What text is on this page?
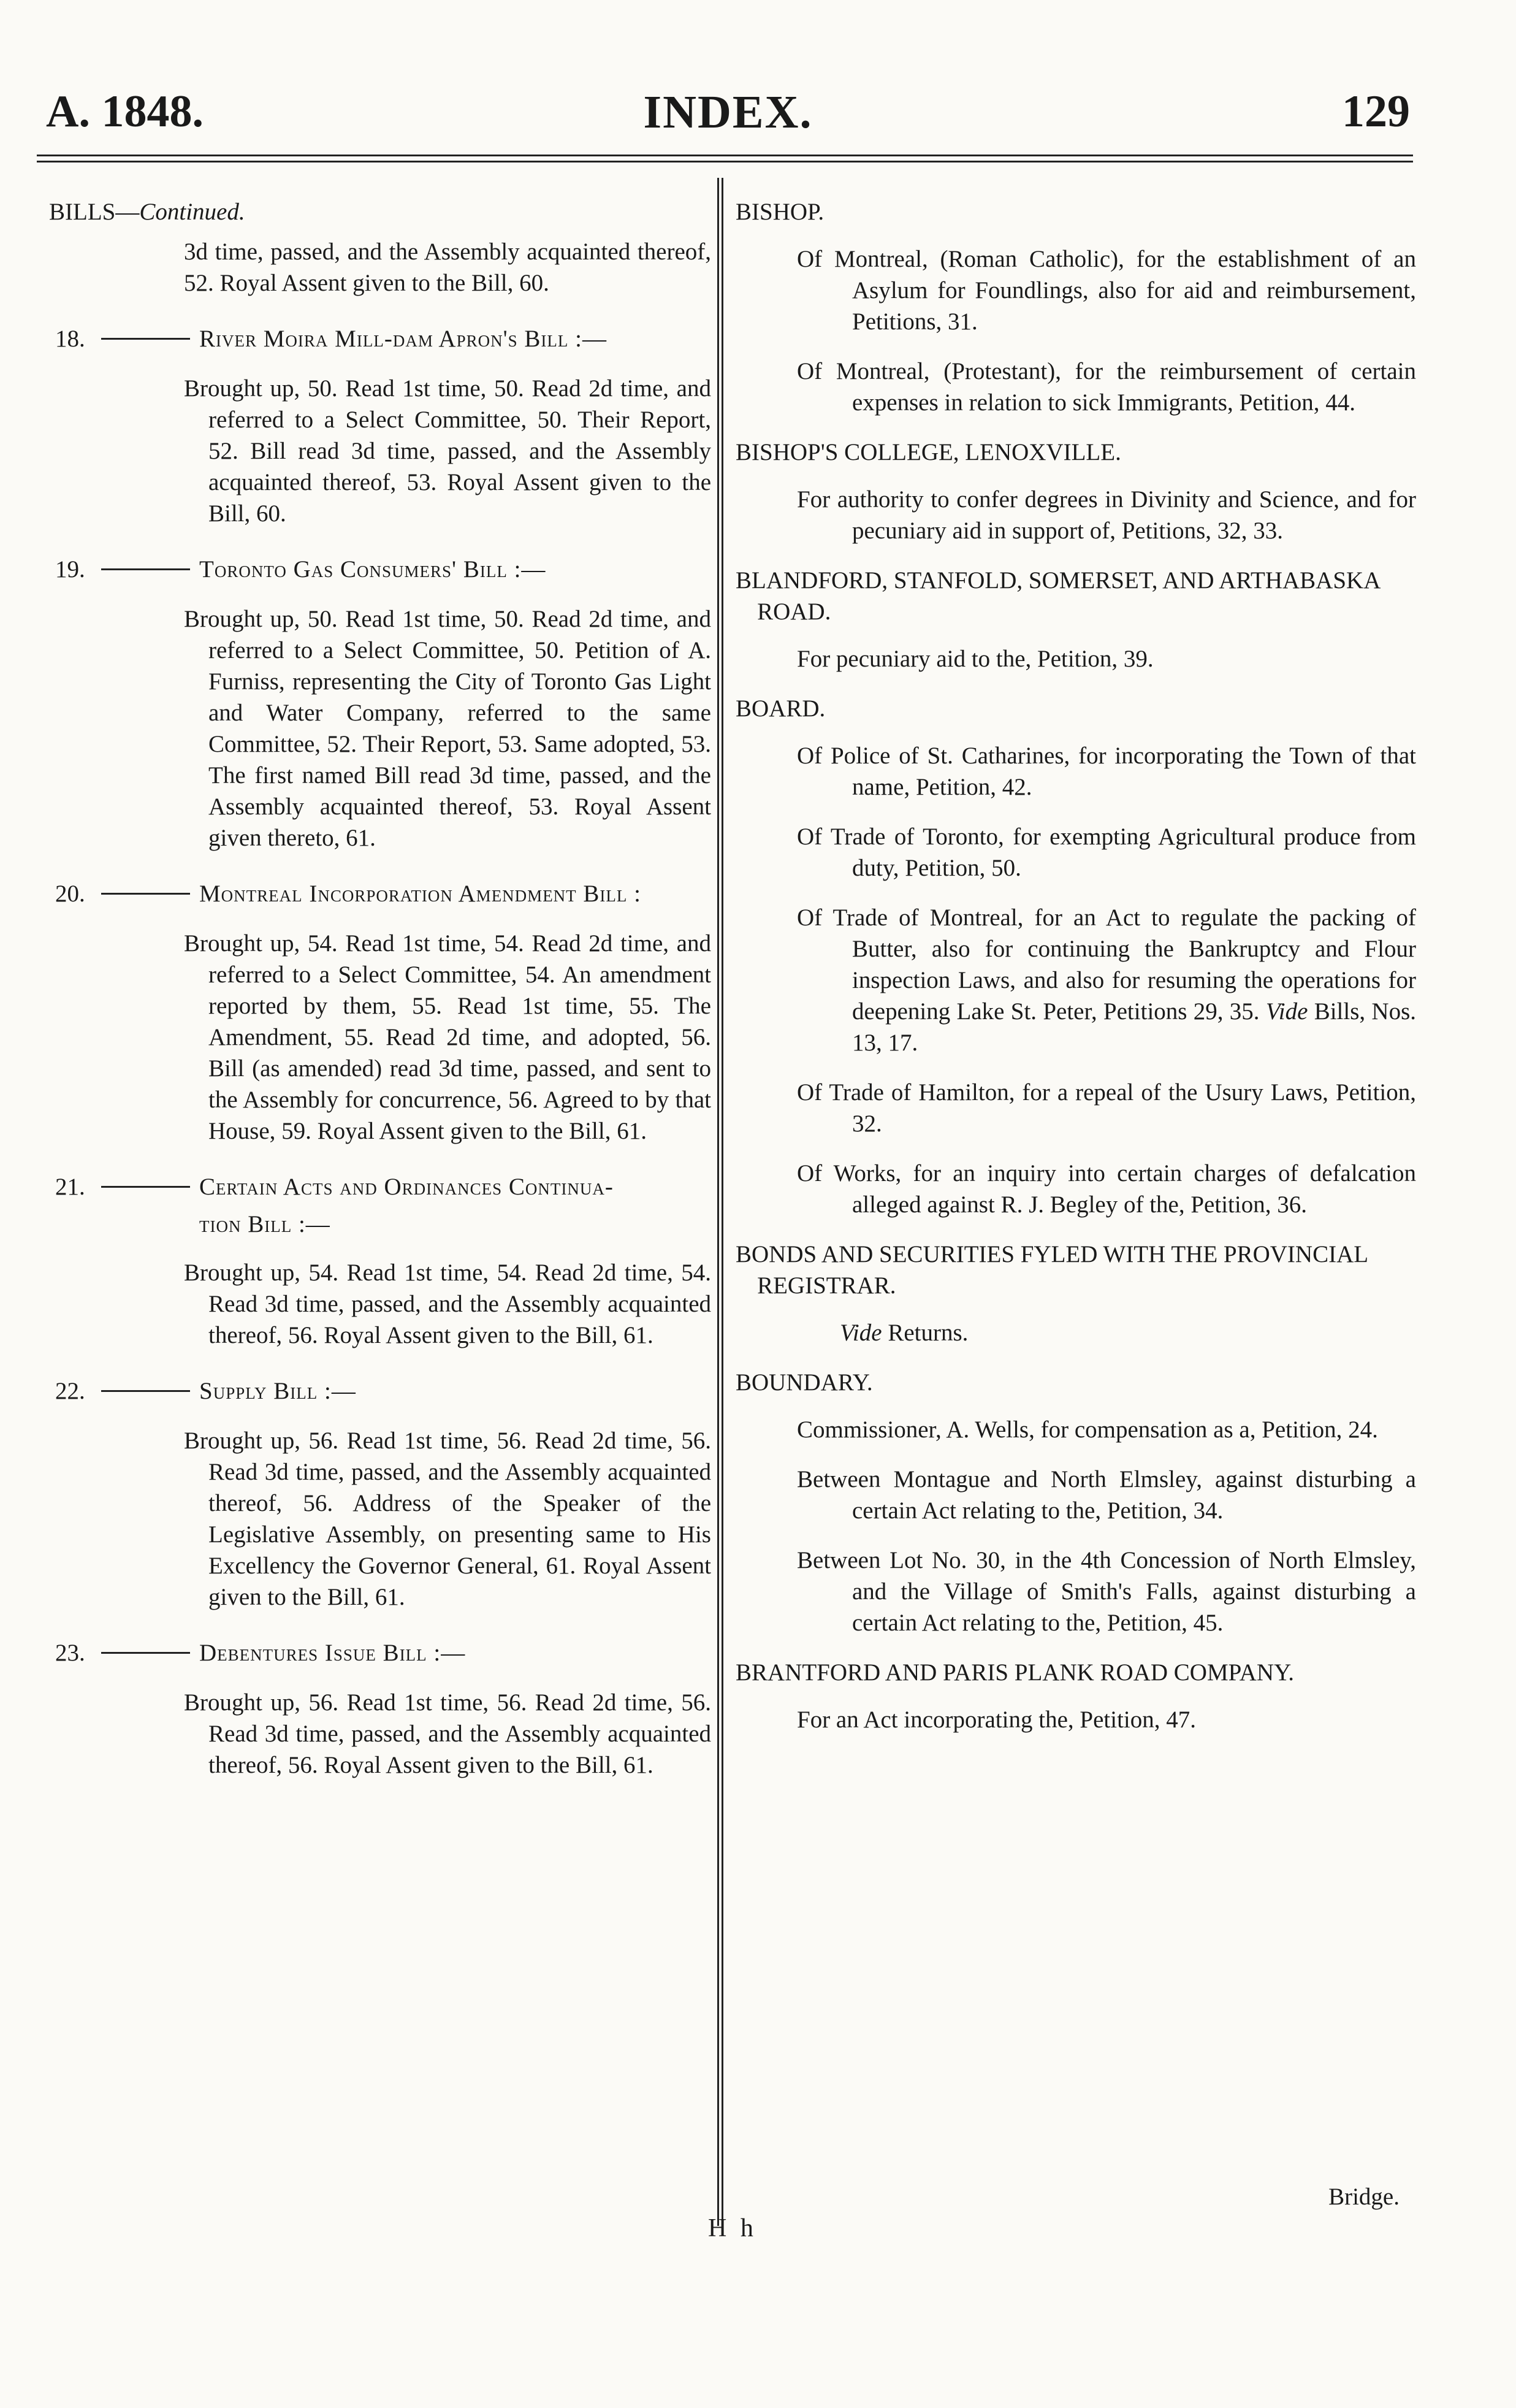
A. 1848.	INDEX.	129
BILLS—Continued.
3d time, passed, and the Assembly acquainted thereof, 52. Royal Assent given to the Bill, 60.
18.	River Moira Mill-dam Apron's Bill :—
Brought up, 50. Read 1st time, 50. Read 2d time, and referred to a Select Committee, 50. Their Report, 52. Bill read 3d time, passed, and the Assembly acquainted thereof, 53. Royal Assent given to the Bill, 60.
19.	Toronto Gas Consumers' Bill :—
Brought up, 50. Read 1st time, 50. Read 2d time, and referred to a Select Committee, 50. Petition of A. Furniss, representing the City of Toronto Gas Light and Water Company, referred to the same Committee, 52. Their Report, 53. Same adopted, 53. The first named Bill read 3d time, passed, and the Assembly acquainted thereof, 53. Royal Assent given thereto, 61.
20.	Montreal Incorporation Amendment Bill :
Brought up, 54. Read 1st time, 54. Read 2d time, and referred to a Select Committee, 54. An amendment reported by them, 55. Read 1st time, 55. The Amendment, 55. Read 2d time, and adopted, 56. Bill (as amended) read 3d time, passed, and sent to the Assembly for concurrence, 56. Agreed to by that House, 59. Royal Assent given to the Bill, 61.
21.	Certain Acts and Ordinances Continua-
tion Bill :—
Brought up, 54. Read 1st time, 54. Read 2d time, 54. Read 3d time, passed, and the Assembly acquainted thereof, 56. Royal Assent given to the Bill, 61.
22.	Supply Bill :—
Brought up, 56. Read 1st time, 56. Read 2d time, 56. Read 3d time, passed, and the Assembly acquainted thereof, 56. Address of the Speaker of the Legislative Assembly, on presenting same to His Excellency the Governor General, 61. Royal Assent given to the Bill, 61.
23.	Debentures Issue Bill :—
Brought up, 56. Read 1st time, 56. Read 2d time, 56. Read 3d time, passed, and the Assembly acquainted thereof, 56. Royal Assent given to the Bill, 61.
BISHOP.
Of Montreal, (Roman Catholic), for the establishment of an Asylum for Foundlings, also for aid and reimbursement, Petitions, 31.
Of Montreal, (Protestant), for the reimbursement of certain expenses in relation to sick Immigrants, Petition, 44.
BISHOP'S COLLEGE, LENOXVILLE.
For authority to confer degrees in Divinity and Science, and for pecuniary aid in support of, Petitions, 32, 33.
BLANDFORD, STANFOLD, SOMERSET, AND ARTHABASKA ROAD.
For pecuniary aid to the, Petition, 39.
BOARD.
Of Police of St. Catharines, for incorporating the Town of that name, Petition, 42.
Of Trade of Toronto, for exempting Agricultural produce from duty, Petition, 50.
Of Trade of Montreal, for an Act to regulate the packing of Butter, also for continuing the Bankruptcy and Flour inspection Laws, and also for resuming the operations for deepening Lake St. Peter, Petitions 29, 35. Vide Bills, Nos. 13, 17.
Of Trade of Hamilton, for a repeal of the Usury Laws, Petition, 32.
Of Works, for an inquiry into certain charges of defalcation alleged against R. J. Begley of the, Petition, 36.
BONDS AND SECURITIES FYLED WITH THE PROVINCIAL REGISTRAR.
Vide Returns.
BOUNDARY.
Commissioner, A. Wells, for compensation as a, Petition, 24.
Between Montague and North Elmsley, against disturbing a certain Act relating to the, Petition, 34.
Between Lot No. 30, in the 4th Concession of North Elmsley, and the Village of Smith's Falls, against disturbing a certain Act relating to the, Petition, 45.
BRANTFORD AND PARIS PLANK ROAD COMPANY.
For an Act incorporating the, Petition, 47.
Bridge.
H h
